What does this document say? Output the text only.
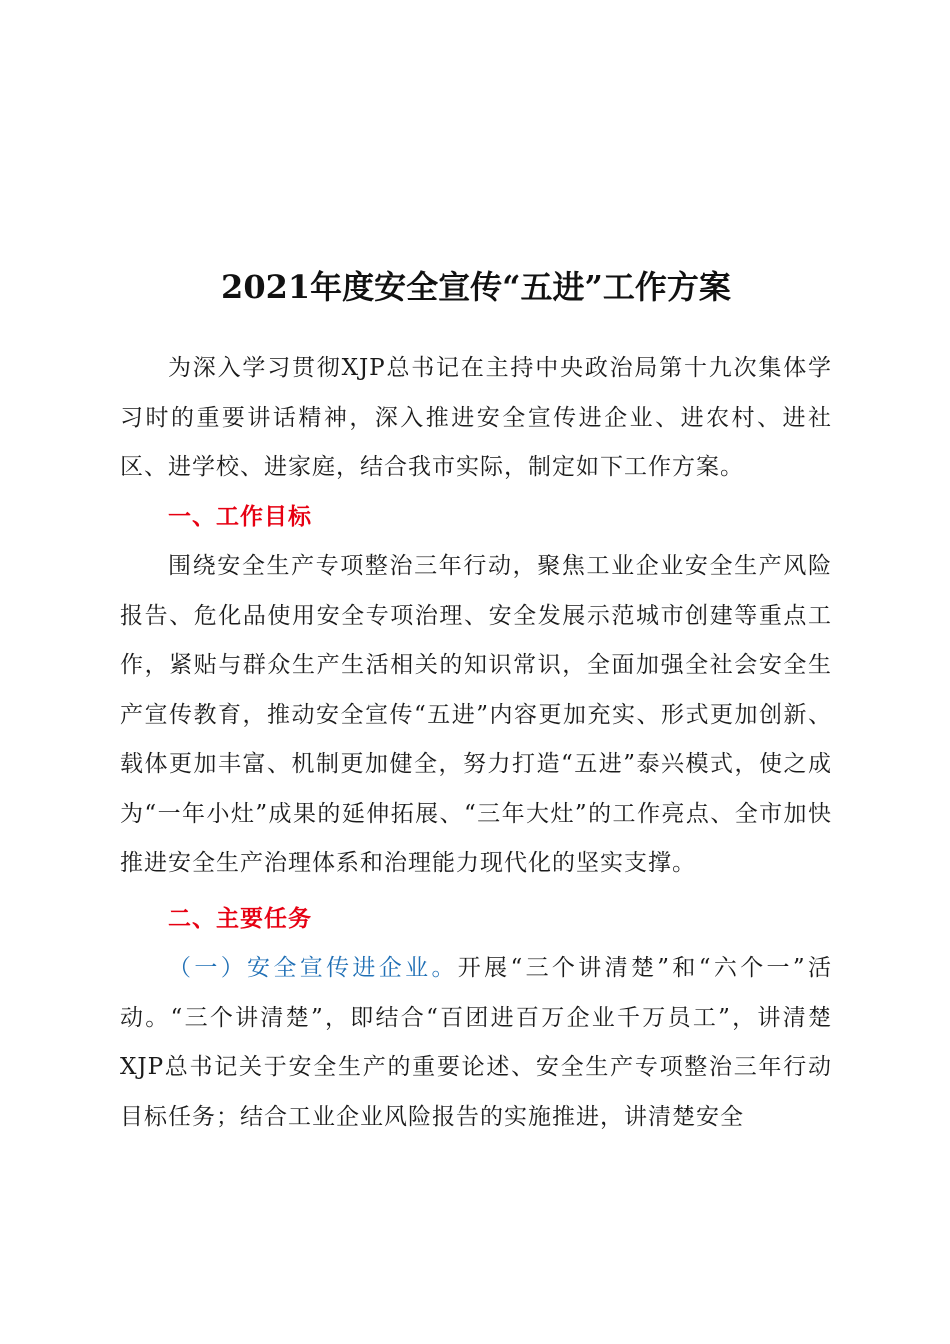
2021年度安全宣传“五进”工作方案

为深入学习贯彻XJP总书记在主持中央政治局第十九次集体学习时的重要讲话精神，深入推进安全宣传进企业、进农村、进社区、进学校、进家庭，结合我市实际，制定如下工作方案。

一、工作目标

围绕安全生产专项整治三年行动，聚焦工业企业安全生产风险报告、危化品使用安全专项治理、安全发展示范城市创建等重点工作，紧贴与群众生产生活相关的知识常识，全面加强全社会安全生产宣传教育，推动安全宣传“五进”内容更加充实、形式更加创新、载体更加丰富、机制更加健全，努力打造“五进”泰兴模式，使之成为“一年小灶”成果的延伸拓展、“三年大灶”的工作亮点、全市加快推进安全生产治理体系和治理能力现代化的坚实支撑。

二、主要任务

（一）安全宣传进企业。开展“三个讲清楚”和“六个一”活动。“三个讲清楚”，即结合“百团进百万企业千万员工”，讲清楚XJP总书记关于安全生产的重要论述、安全生产专项整治三年行动目标任务；结合工业企业风险报告的实施推进，讲清楚安全
